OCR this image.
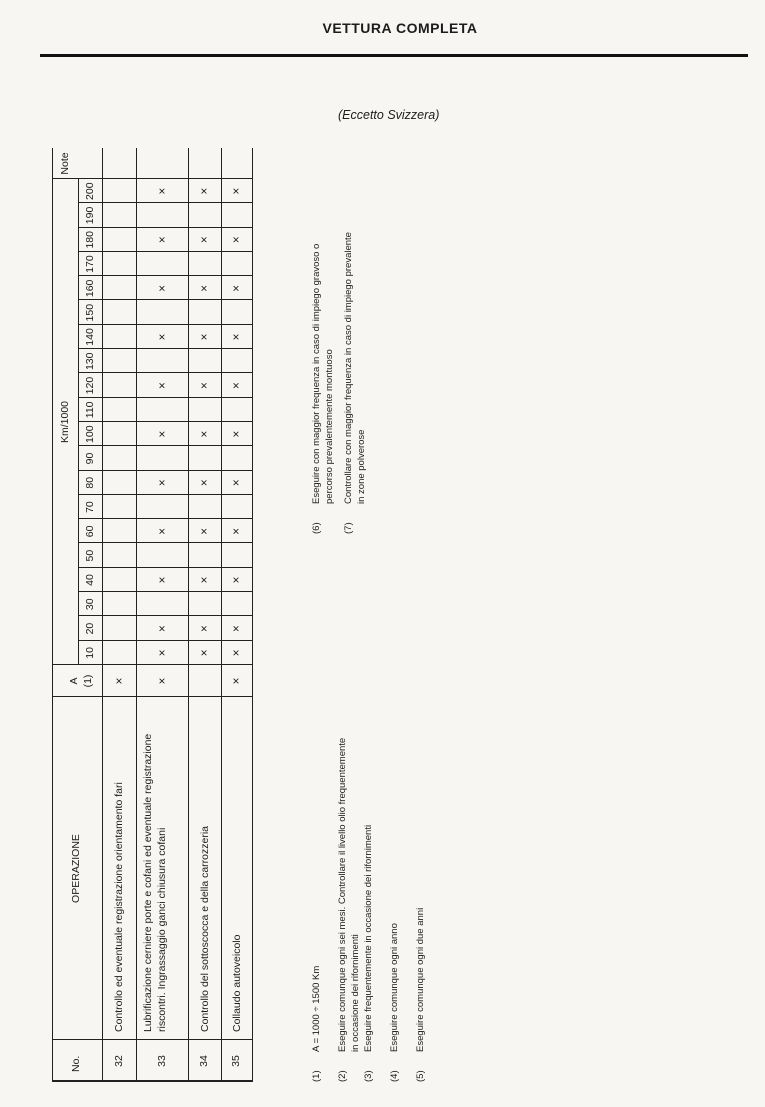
VETTURA COMPLETA
(Eccetto Svizzera)
No.
OPERAZIONE
A (1)
Km/1000
Note
10
20
30
40
50
60
70
80
90
100
110
120
130
140
150
160
170
180
190
200
32
Controllo ed eventuale registrazione orientamento fari
×
33
Lubrificazione cerniere porte e cofani ed eventuale registrazione riscontri. Ingrassaggio ganci chiusura cofani
×
×
×
×
×
×
×
×
×
×
×
×
34
Controllo del sottoscocca e della carrozzeria
×
×
×
×
×
×
×
×
×
×
×
35
Collaudo autoveicolo
×
×
×
×
×
×
×
×
×
×
×
×
(1)
A = 1000 ÷ 1500 Km
(2)
Eseguire comunque ogni sei mesi. Controllare il livello olio frequentemente
in occasione dei rifornimenti
(3)
Eseguire frequentemente in occasione dei rifornimenti
(4)
Eseguire comunque ogni anno
(5)
Eseguire comunque ogni due anni
(6)
Eseguire con maggior frequenza in caso di impiego gravoso o
percorso prevalentemente montuoso
(7)
Controllare con maggior frequenza in caso di impiego prevalente
in zone polverose
